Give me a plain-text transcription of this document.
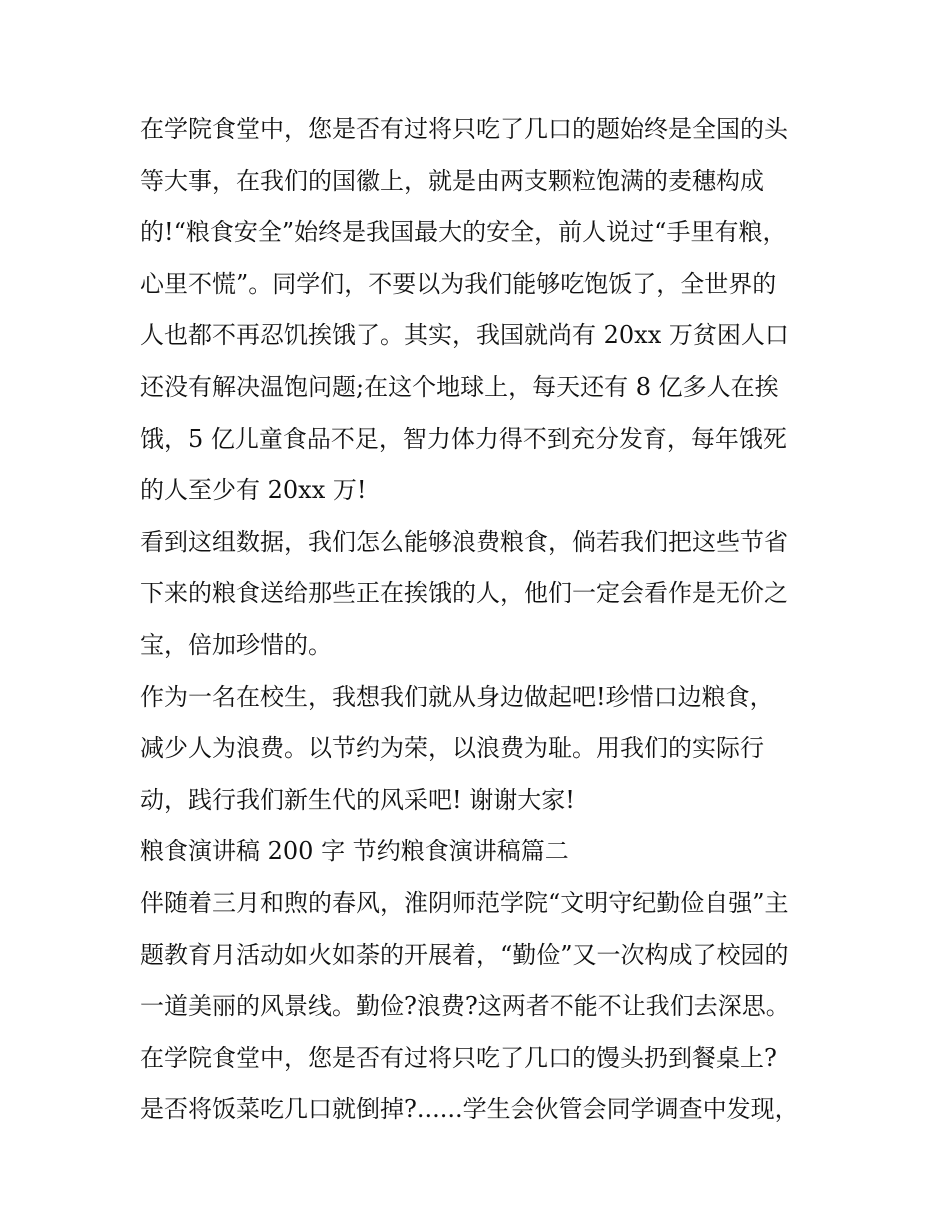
在学院食堂中，您是否有过将只吃了几口的题始终是全国的头

等大事，在我们的国徽上，就是由两支颗粒饱满的麦穗构成

的!“粮食安全”始终是我国最大的安全，前人说过“手里有粮，

心里不慌”。同学们，不要以为我们能够吃饱饭了，全世界的

人也都不再忍饥挨饿了。其实，我国就尚有 20xx 万贫困人口

还没有解决温饱问题;在这个地球上，每天还有 8 亿多人在挨

饿，5 亿儿童食品不足，智力体力得不到充分发育，每年饿死

的人至少有 20xx 万!

看到这组数据，我们怎么能够浪费粮食，倘若我们把这些节省

下来的粮食送给那些正在挨饿的人，他们一定会看作是无价之

宝，倍加珍惜的。

作为一名在校生，我想我们就从身边做起吧!珍惜口边粮食，

减少人为浪费。以节约为荣，以浪费为耻。用我们的实际行

动，践行我们新生代的风采吧! 谢谢大家!

粮食演讲稿 200 字 节约粮食演讲稿篇二

伴随着三月和煦的春风，淮阴师范学院“文明守纪勤俭自强”主

题教育月活动如火如荼的开展着，“勤俭”又一次构成了校园的

一道美丽的风景线。勤俭?浪费?这两者不能不让我们去深思。

在学院食堂中，您是否有过将只吃了几口的馒头扔到餐桌上?

是否将饭菜吃几口就倒掉?......学生会伙管会同学调查中发现，
